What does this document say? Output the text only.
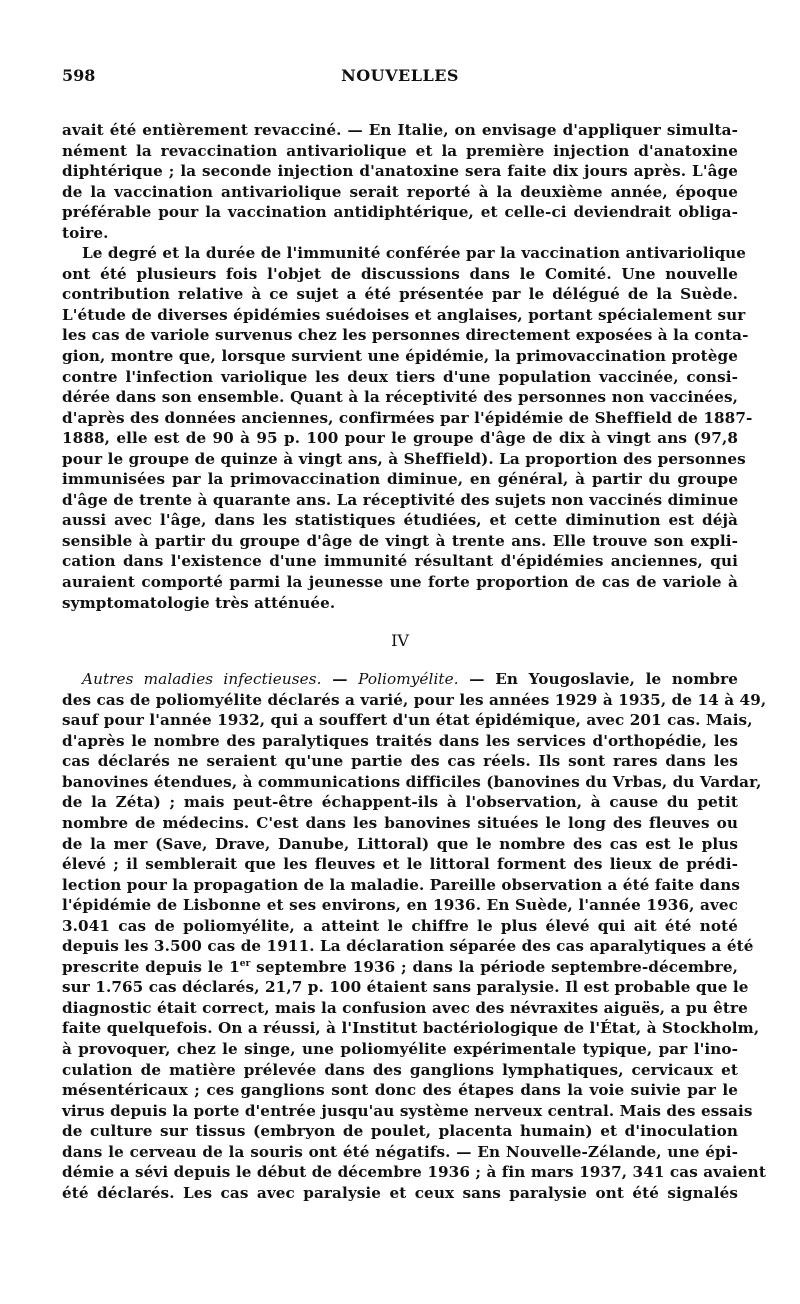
598	NOUVELLES
avait été entièrement revacciné. — En Italie, on envisage d'appliquer simulta-
nément la revaccination antivariolique et la première injection d'anatoxine
diphtérique ; la seconde injection d'anatoxine sera faite dix jours après. L'âge
de la vaccination antivariolique serait reporté à la deuxième année, époque
préférable pour la vaccination antidiphtérique, et celle-ci deviendrait obliga-
toire.
Le degré et la durée de l'immunité conférée par la vaccination antivariolique
ont été plusieurs fois l'objet de discussions dans le Comité. Une nouvelle
contribution relative à ce sujet a été présentée par le délégué de la Suède.
L'étude de diverses épidémies suédoises et anglaises, portant spécialement sur
les cas de variole survenus chez les personnes directement exposées à la conta-
gion, montre que, lorsque survient une épidémie, la primovaccination protège
contre l'infection variolique les deux tiers d'une population vaccinée, consi-
dérée dans son ensemble. Quant à la réceptivité des personnes non vaccinées,
d'après des données anciennes, confirmées par l'épidémie de Sheffield de 1887-
1888, elle est de 90 à 95 p. 100 pour le groupe d'âge de dix à vingt ans (97,8
pour le groupe de quinze à vingt ans, à Sheffield). La proportion des personnes
immunisées par la primovaccination diminue, en général, à partir du groupe
d'âge de trente à quarante ans. La réceptivité des sujets non vaccinés diminue
aussi avec l'âge, dans les statistiques étudiées, et cette diminution est déjà
sensible à partir du groupe d'âge de vingt à trente ans. Elle trouve son expli-
cation dans l'existence d'une immunité résultant d'épidémies anciennes, qui
auraient comporté parmi la jeunesse une forte proportion de cas de variole à
symptomatologie très atténuée.
IV
Autres maladies infectieuses. — Poliomyélite. — En Yougoslavie, le nombre
des cas de poliomyélite déclarés a varié, pour les années 1929 à 1935, de 14 à 49,
sauf pour l'année 1932, qui a souffert d'un état épidémique, avec 201 cas. Mais,
d'après le nombre des paralytiques traités dans les services d'orthopédie, les
cas déclarés ne seraient qu'une partie des cas réels. Ils sont rares dans les
banovines étendues, à communications difficiles (banovines du Vrbas, du Vardar,
de la Zéta) ; mais peut-être échappent-ils à l'observation, à cause du petit
nombre de médecins. C'est dans les banovines situées le long des fleuves ou
de la mer (Save, Drave, Danube, Littoral) que le nombre des cas est le plus
élevé ; il semblerait que les fleuves et le littoral forment des lieux de prédi-
lection pour la propagation de la maladie. Pareille observation a été faite dans
l'épidémie de Lisbonne et ses environs, en 1936. En Suède, l'année 1936, avec
3.041 cas de poliomyélite, a atteint le chiffre le plus élevé qui ait été noté
depuis les 3.500 cas de 1911. La déclaration séparée des cas aparalytiques a été
prescrite depuis le 1er septembre 1936 ; dans la période septembre-décembre,
sur 1.765 cas déclarés, 21,7 p. 100 étaient sans paralysie. Il est probable que le
diagnostic était correct, mais la confusion avec des névraxites aiguës, a pu être
faite quelquefois. On a réussi, à l'Institut bactériologique de l'État, à Stockholm,
à provoquer, chez le singe, une poliomyélite expérimentale typique, par l'ino-
culation de matière prélevée dans des ganglions lymphatiques, cervicaux et
mésentéricaux ; ces ganglions sont donc des étapes dans la voie suivie par le
virus depuis la porte d'entrée jusqu'au système nerveux central. Mais des essais
de culture sur tissus (embryon de poulet, placenta humain) et d'inoculation
dans le cerveau de la souris ont été négatifs. — En Nouvelle-Zélande, une épi-
démie a sévi depuis le début de décembre 1936 ; à fin mars 1937, 341 cas avaient
été déclarés. Les cas avec paralysie et ceux sans paralysie ont été signalés
